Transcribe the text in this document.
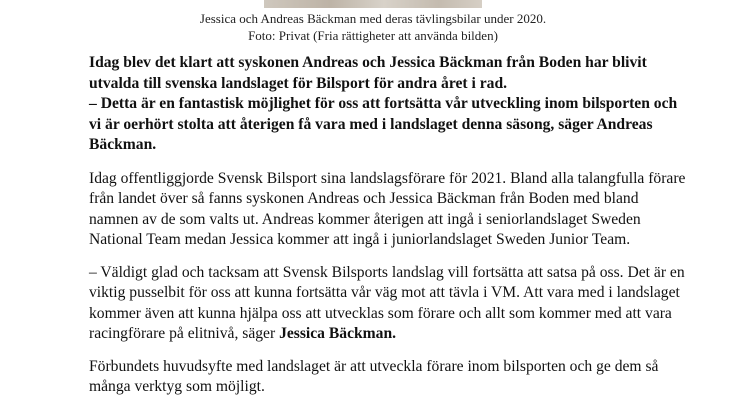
Jessica och Andreas Bäckman med deras tävlingsbilar under 2020.
Foto: Privat (Fria rättigheter att använda bilden)

Idag blev det klart att syskonen Andreas och Jessica Bäckman från Boden har blivit utvalda till svenska landslaget för Bilsport för andra året i rad.
– Detta är en fantastisk möjlighet för oss att fortsätta vår utveckling inom bilsporten och vi är oerhört stolta att återigen få vara med i landslaget denna säsong, säger Andreas Bäckman.

Idag offentliggjorde Svensk Bilsport sina landslagsförare för 2021. Bland alla talangfulla förare från landet över så fanns syskonen Andreas och Jessica Bäckman från Boden med bland namnen av de som valts ut. Andreas kommer återigen att ingå i seniorlandslaget Sweden National Team medan Jessica kommer att ingå i juniorlandslaget Sweden Junior Team.

– Väldigt glad och tacksam att Svensk Bilsports landslag vill fortsätta att satsa på oss. Det är en viktig pusselbit för oss att kunna fortsätta vår väg mot att tävla i VM. Att vara med i landslaget kommer även att kunna hjälpa oss att utvecklas som förare och allt som kommer med att vara racingförare på elitnivå, säger Jessica Bäckman.

Förbundets huvudsyfte med landslaget är att utveckla förare inom bilsporten och ge dem så många verktyg som möjligt.
